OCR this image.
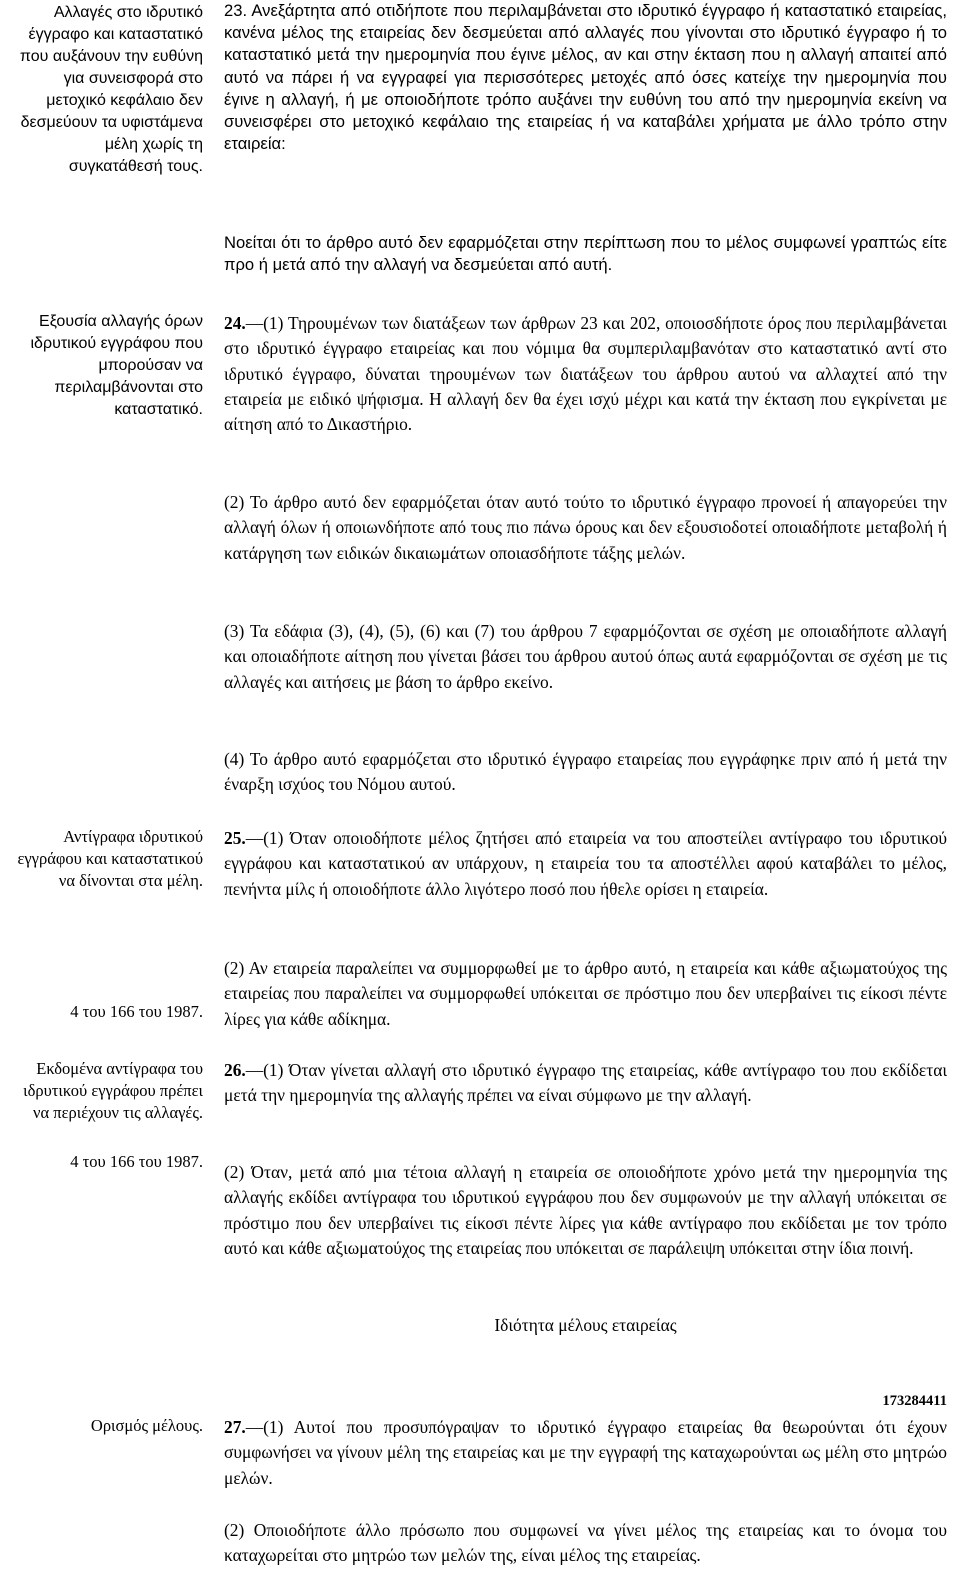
Αλλαγές στο ιδρυτικό έγγραφο και καταστατικό που αυξάνουν την ευθύνη για συνεισφορά στο μετοχικό κεφάλαιο δεν δεσμεύουν τα υφιστάμενα μέλη χωρίς τη συγκατάθεσή τους.
Εξουσία αλλαγής όρων ιδρυτικού εγγράφου που μπορούσαν να περιλαμβάνονται στο καταστατικό.
Αντίγραφα ιδρυτικού εγγράφου και καταστατικού να δίνονται στα μέλη.
4 του 166 του 1987.
Εκδομένα αντίγραφα του ιδρυτικού εγγράφου πρέπει να περιέχουν τις αλλαγές.
4 του 166 του 1987.
Ορισμός μέλους.
23. Ανεξάρτητα από οτιδήποτε που περιλαμβάνεται στο ιδρυτικό έγγραφο ή καταστατικό εταιρείας, κανένα μέλος της εταιρείας δεν δεσμεύεται από αλλαγές που γίνονται στο ιδρυτικό έγγραφο ή το καταστατικό μετά την ημερομηνία που έγινε μέλος, αν και στην έκταση που η αλλαγή απαιτεί από αυτό να πάρει ή να εγγραφεί για περισσότερες μετοχές από όσες κατείχε την ημερομηνία που έγινε η αλλαγή, ή με οποιοδήποτε τρόπο αυξάνει την ευθύνη του από την ημερομηνία εκείνη να συνεισφέρει στο μετοχικό κεφάλαιο της εταιρείας ή να καταβάλει χρήματα με άλλο τρόπο στην εταιρεία:
Νοείται ότι το άρθρο αυτό δεν εφαρμόζεται στην περίπτωση που το μέλος συμφωνεί γραπτώς είτε προ ή μετά από την αλλαγή να δεσμεύεται από αυτή.
24.—(1) Τηρουμένων των διατάξεων των άρθρων 23 και 202, οποιοσδήποτε όρος που περιλαμβάνεται στο ιδρυτικό έγγραφο εταιρείας και που νόμιμα θα συμπεριλαμβανόταν στο καταστατικό αντί στο ιδρυτικό έγγραφο, δύναται τηρουμένων των διατάξεων του άρθρου αυτού να αλλαχτεί από την εταιρεία με ειδικό ψήφισμα. Η αλλαγή δεν θα έχει ισχύ μέχρι και κατά την έκταση που εγκρίνεται με αίτηση από το Δικαστήριο.
(2) Το άρθρο αυτό δεν εφαρμόζεται όταν αυτό τούτο το ιδρυτικό έγγραφο προνοεί ή απαγορεύει την αλλαγή όλων ή οποιωνδήποτε από τους πιο πάνω όρους και δεν εξουσιοδοτεί οποιαδήποτε μεταβολή ή κατάργηση των ειδικών δικαιωμάτων οποιασδήποτε τάξης μελών.
(3) Τα εδάφια (3), (4), (5), (6) και (7) του άρθρου 7 εφαρμόζονται σε σχέση με οποιαδήποτε αλλαγή και οποιαδήποτε αίτηση που γίνεται βάσει του άρθρου αυτού όπως αυτά εφαρμόζονται σε σχέση με τις αλλαγές και αιτήσεις με βάση το άρθρο εκείνο.
(4) Το άρθρο αυτό εφαρμόζεται στο ιδρυτικό έγγραφο εταιρείας που εγγράφηκε πριν από ή μετά την έναρξη ισχύος του Νόμου αυτού.
25.—(1) Όταν οποιοδήποτε μέλος ζητήσει από εταιρεία να του αποστείλει αντίγραφο του ιδρυτικού εγγράφου και καταστατικού αν υπάρχουν, η εταιρεία του τα αποστέλλει αφού καταβάλει το μέλος, πενήντα μίλς ή οποιοδήποτε άλλο λιγότερο ποσό που ήθελε ορίσει η εταιρεία.
(2) Αν εταιρεία παραλείπει να συμμορφωθεί με το άρθρο αυτό, η εταιρεία και κάθε αξιωματούχος της εταιρείας που παραλείπει να συμμορφωθεί υπόκειται σε πρόστιμο που δεν υπερβαίνει τις είκοσι πέντε λίρες για κάθε αδίκημα.
26.—(1) Όταν γίνεται αλλαγή στο ιδρυτικό έγγραφο της εταιρείας, κάθε αντίγραφο του που εκδίδεται μετά την ημερομηνία της αλλαγής πρέπει να είναι σύμφωνο με την αλλαγή.
(2) Όταν, μετά από μια τέτοια αλλαγή η εταιρεία σε οποιοδήποτε χρόνο μετά την ημερομηνία της αλλαγής εκδίδει αντίγραφα του ιδρυτικού εγγράφου που δεν συμφωνούν με την αλλαγή υπόκειται σε πρόστιμο που δεν υπερβαίνει τις είκοσι πέντε λίρες για κάθε αντίγραφο που εκδίδεται με τον τρόπο αυτό και κάθε αξιωματούχος της εταιρείας που υπόκειται σε παράλειψη υπόκειται στην ίδια ποινή.
Ιδιότητα μέλους εταιρείας
173284411
27.—(1) Αυτοί που προσυπόγραψαν το ιδρυτικό έγγραφο εταιρείας θα θεωρούνται ότι έχουν συμφωνήσει να γίνουν μέλη της εταιρείας και με την εγγραφή της καταχωρούνται ως μέλη στο μητρώο μελών.
(2) Οποιοδήποτε άλλο πρόσωπο που συμφωνεί να γίνει μέλος της εταιρείας και το όνομα του καταχωρείται στο μητρώο των μελών της, είναι μέλος της εταιρείας.
